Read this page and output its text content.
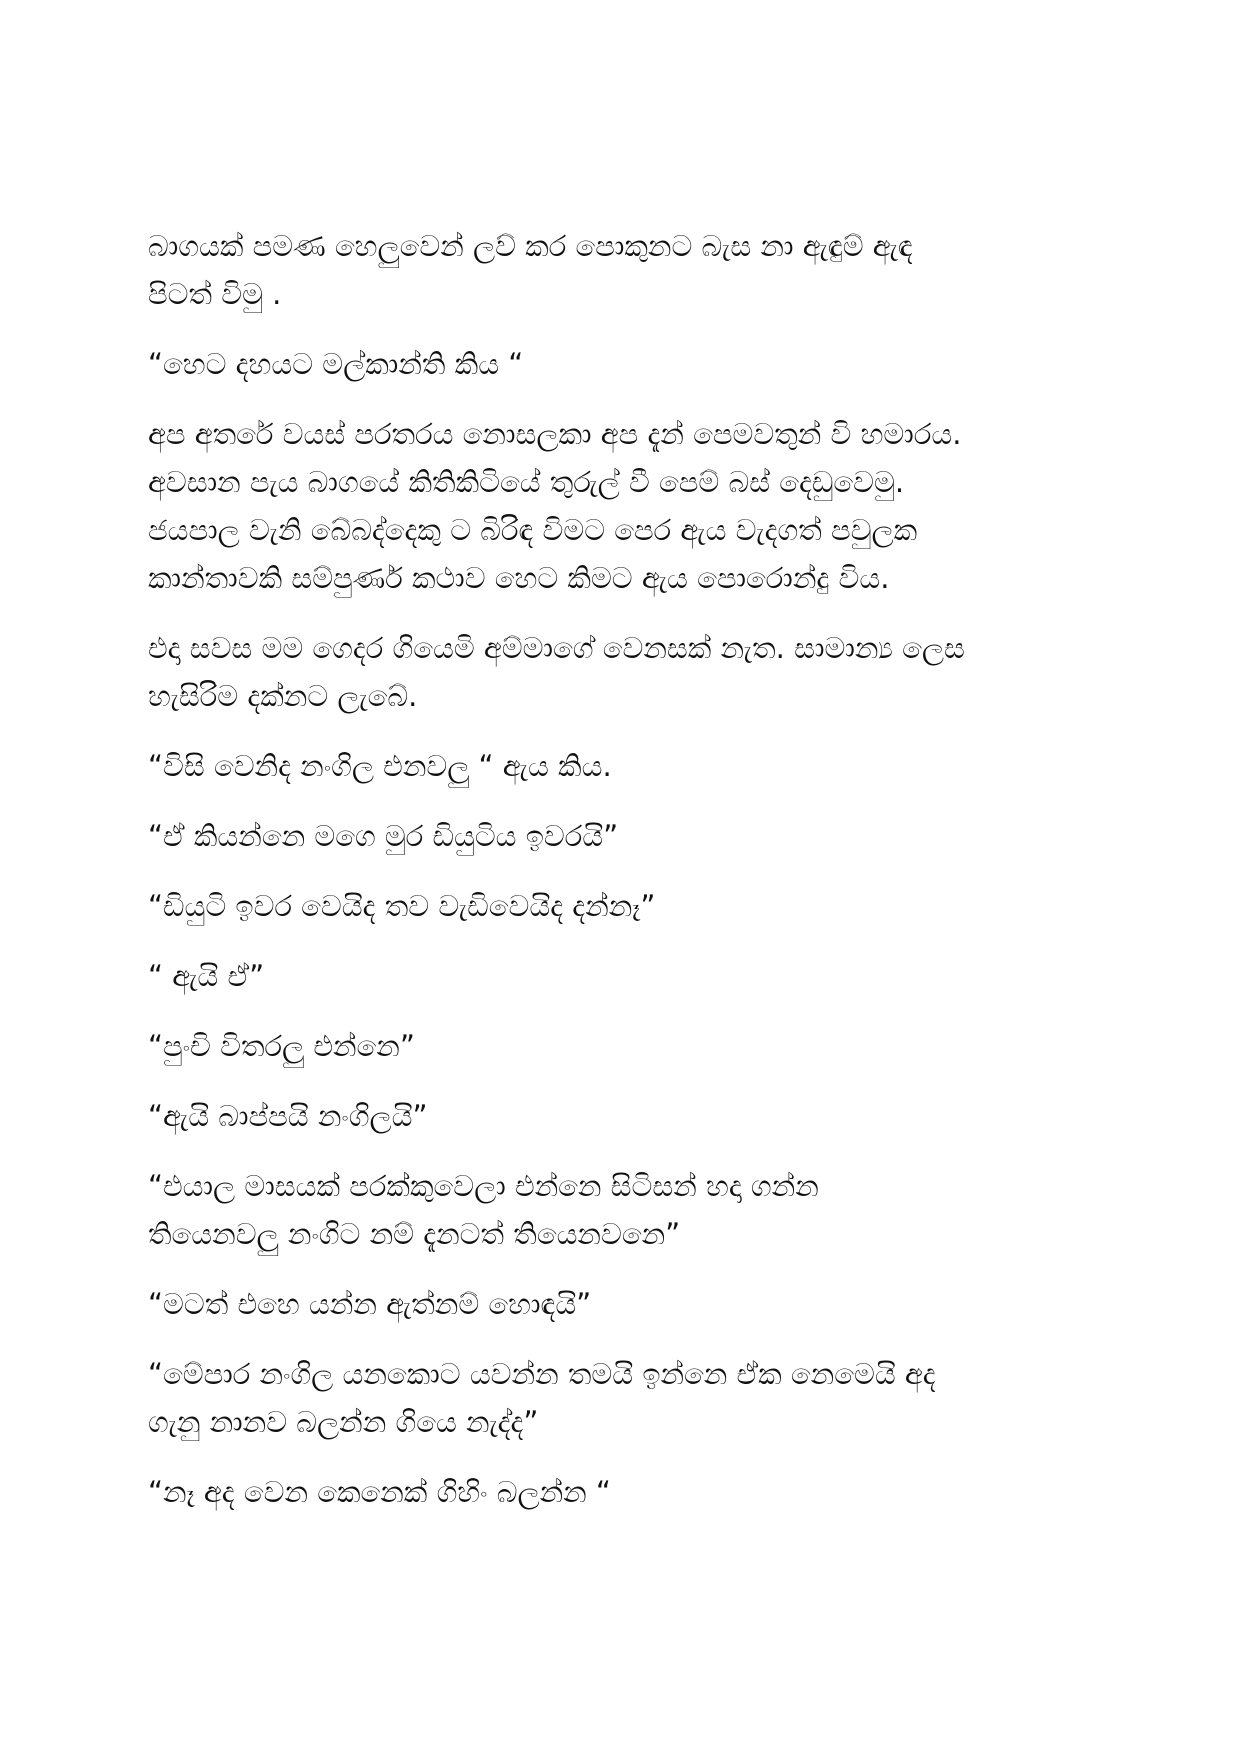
බාගයක් පමණ හෙලුවෙන් ලව් කර පොකුනට බැස නා ඇඳුම් ඇඳ
පිටත් විමු .

“හෙට දහයට මල්කාන්ති කිය “

අප අතරේ වයස් පරතරය නොසලකා අප දැන් පෙමවතුන් වි හමාරය.
අවසාන පැය බාගයේ කිතිකිටියේ තුරුල් වී පෙම් බස් දෙඩුවෙමු.
ජයපාල වැනි බේබද්දෙකු ට බිරිඳ විමට පෙර ඇය වැදගත් පවුලක
කාන්තාවකි සම්පුර්ණ කථාව හෙට කිමට ඇය පොරොන්දු විය.

එදා සවස මම ගෙදර ගියෙමි අම්මාගේ වෙනසක් නැත. සාමාන්‍ය ලෙස
හැසිරිම දක්නට ලැබේ.

“විසි වෙනිද නංගිල එනවලු “ ඇය කිය.

“ඒ කියන්නෙ මගෙ මුර ඩියුටිය ඉවරයි”

“ඩියුටි ඉවර වෙයිද තව වැඩිවෙයිද දන්නෑ”

“ ඇයි ඒ”

“පුංචි විතරලු එන්නෙ”

“ඇයි බාප්පයි නංගිලයි”

“එයාල මාසයක් පරක්කුවෙලා එන්නෙ සිටිසන් හදා ගන්න
තියෙනවලු නංගිට නම් දැනටත් තියෙනවනෙ”

“මටත් එහෙ යන්න ඇත්නම් හොඳයි”

“මේපාර නංගිල යනකොට යවන්න තමයි ඉන්නෙ ඒක නෙමෙයි අද
ගැනු නානව බලන්න ගියෙ නැද්ද”

“නෑ අද වෙන කෙනෙක් ගිහිං බලන්න “
